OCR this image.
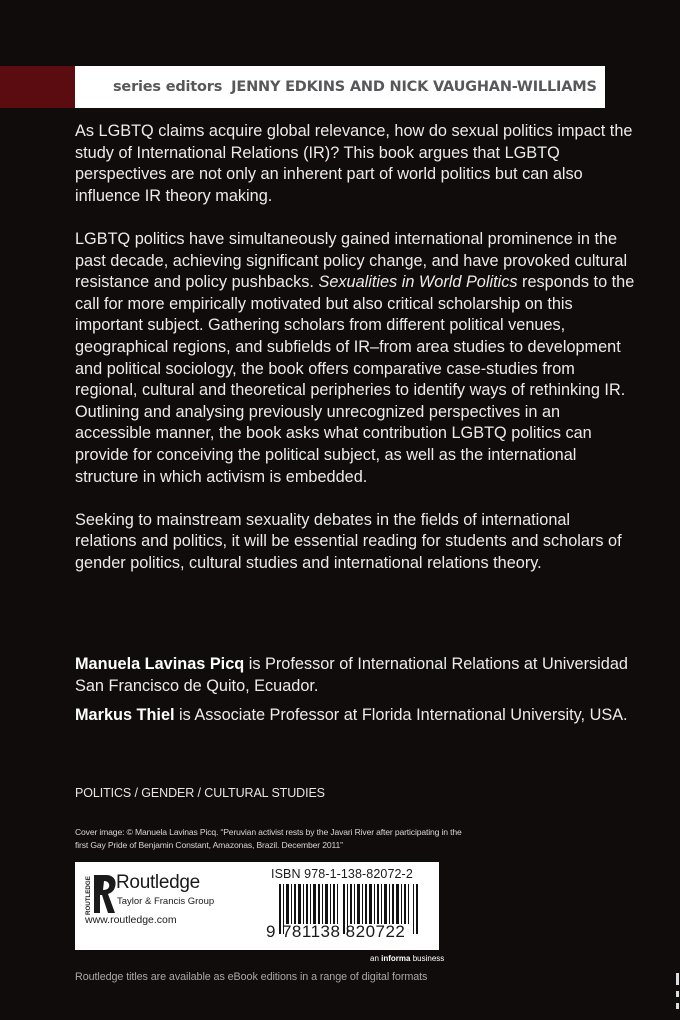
series editors JENNY EDKINS AND NICK VAUGHAN-WILLIAMS

As LGBTQ claims acquire global relevance, how do sexual politics impact the study of International Relations (IR)? This book argues that LGBTQ perspectives are not only an inherent part of world politics but can also influence IR theory making.

LGBTQ politics have simultaneously gained international prominence in the past decade, achieving significant policy change, and have provoked cultural resistance and policy pushbacks. Sexualities in World Politics responds to the call for more empirically motivated but also critical scholarship on this important subject. Gathering scholars from different political venues, geographical regions, and subfields of IR–from area studies to development and political sociology, the book offers comparative case-studies from regional, cultural and theoretical peripheries to identify ways of rethinking IR. Outlining and analysing previously unrecognized perspectives in an accessible manner, the book asks what contribution LGBTQ politics can provide for conceiving the political subject, as well as the international structure in which activism is embedded.

Seeking to mainstream sexuality debates in the fields of international relations and politics, it will be essential reading for students and scholars of gender politics, cultural studies and international relations theory.

Manuela Lavinas Picq is Professor of International Relations at Universidad San Francisco de Quito, Ecuador.

Markus Thiel is Associate Professor at Florida International University, USA.

POLITICS / GENDER / CULTURAL STUDIES
Cover image: © Manuela Lavinas Picq. “Peruvian activist rests by the Javari River after participating in the first Gay Pride of Benjamin Constant, Amazonas, Brazil. December 2011”
ROUTLEDGE Routledge
Taylor & Francis Group
www.routledge.com
ISBN 978-1-138-82072-2
9 781138 820722
an informa business
Routledge titles are available as eBook editions in a range of digital formats
